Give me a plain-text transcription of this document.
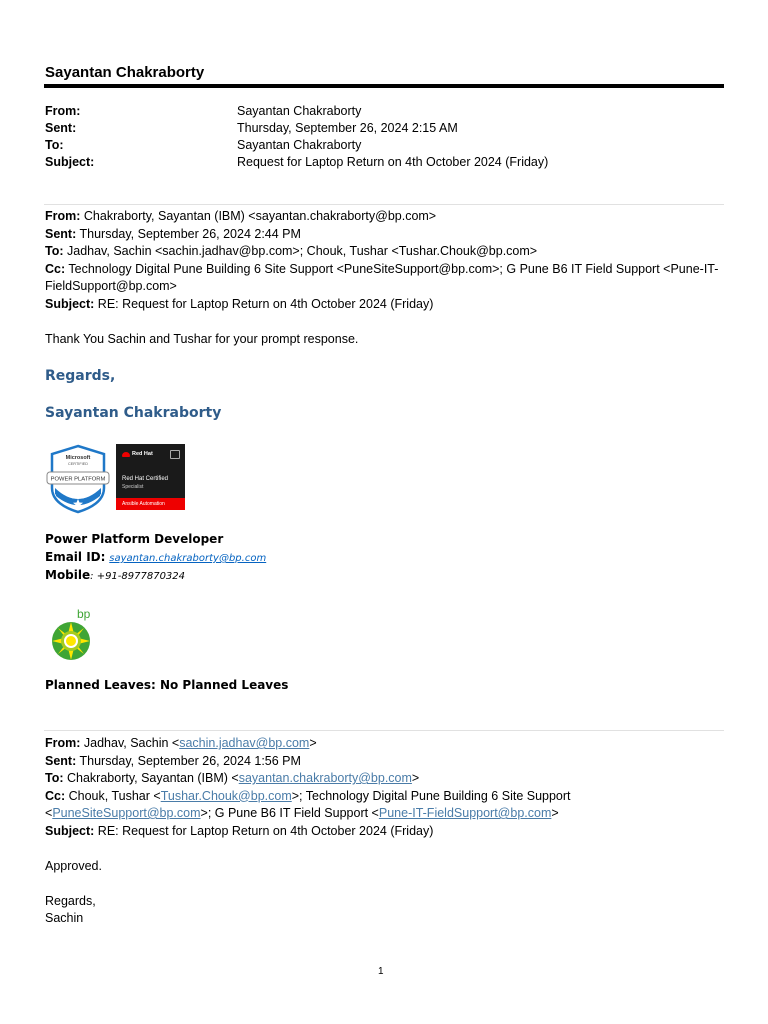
Sayantan Chakraborty
From:	Sayantan Chakraborty
Sent:	Thursday, September 26, 2024 2:15 AM
To:	Sayantan Chakraborty
Subject:	Request for Laptop Return on 4th October 2024 (Friday)
From: Chakraborty, Sayantan (IBM) <sayantan.chakraborty@bp.com>
Sent: Thursday, September 26, 2024 2:44 PM
To: Jadhav, Sachin <sachin.jadhav@bp.com>; Chouk, Tushar <Tushar.Chouk@bp.com>
Cc: Technology Digital Pune Building 6 Site Support <PuneSiteSupport@bp.com>; G Pune B6 IT Field Support <Pune-IT-FieldSupport@bp.com>
Subject: RE: Request for Laptop Return on 4th October 2024 (Friday)
Thank You Sachin and Tushar for your prompt response.
Regards,
Sayantan Chakraborty
POWER PLATFORM
Microsoft
CERTIFIED
Red Hat
Red Hat Certified
Specialist
Ansible Automation
Power Platform Developer
Email ID: sayantan.chakraborty@bp.com
Mobile: +91-8977870324
bp
Planned Leaves: No Planned Leaves
From: Jadhav, Sachin <sachin.jadhav@bp.com>
Sent: Thursday, September 26, 2024 1:56 PM
To: Chakraborty, Sayantan (IBM) <sayantan.chakraborty@bp.com>
Cc: Chouk, Tushar <Tushar.Chouk@bp.com>; Technology Digital Pune Building 6 Site Support
<PuneSiteSupport@bp.com>; G Pune B6 IT Field Support <Pune-IT-FieldSupport@bp.com>
Subject: RE: Request for Laptop Return on 4th October 2024 (Friday)
Approved.
Regards,
Sachin
1
